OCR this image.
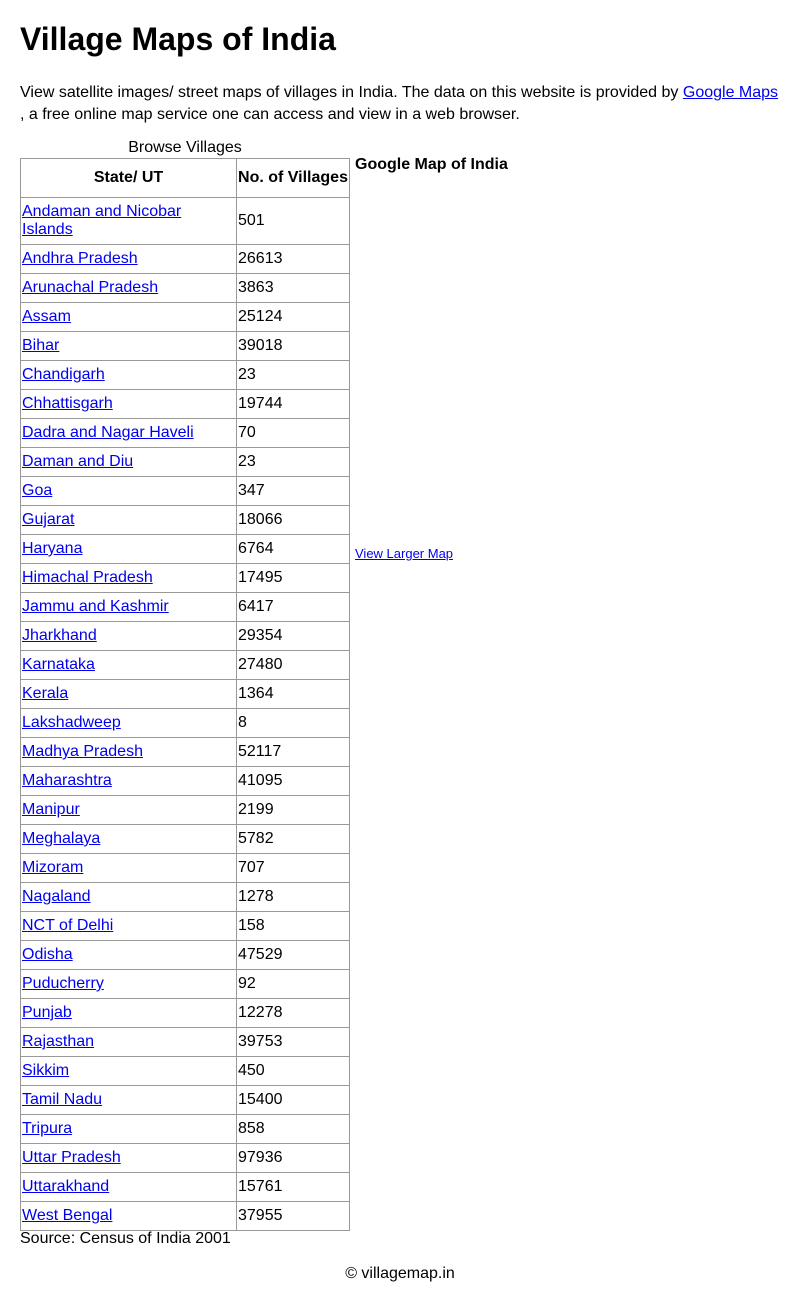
Village Maps of India

View satellite images/ street maps of villages in India. The data on this website is provided by Google Maps
, a free online map service one can access and view in a web browser.

Browse Villages
State/ UT	No. of Villages
Andaman and Nicobar Islands	501
Andhra Pradesh	26613
Arunachal Pradesh	3863
Assam	25124
Bihar	39018
Chandigarh	23
Chhattisgarh	19744
Dadra and Nagar Haveli	70
Daman and Diu	23
Goa	347
Gujarat	18066
Haryana	6764
Himachal Pradesh	17495
Jammu and Kashmir	6417
Jharkhand	29354
Karnataka	27480
Kerala	1364
Lakshadweep	8
Madhya Pradesh	52117
Maharashtra	41095
Manipur	2199
Meghalaya	5782
Mizoram	707
Nagaland	1278
NCT of Delhi	158
Odisha	47529
Puducherry	92
Punjab	12278
Rajasthan	39753
Sikkim	450
Tamil Nadu	15400
Tripura	858
Uttar Pradesh	97936
Uttarakhand	15761
West Bengal	37955
Google Map of India
View Larger Map
Source: Census of India 2001
© villagemap.in
